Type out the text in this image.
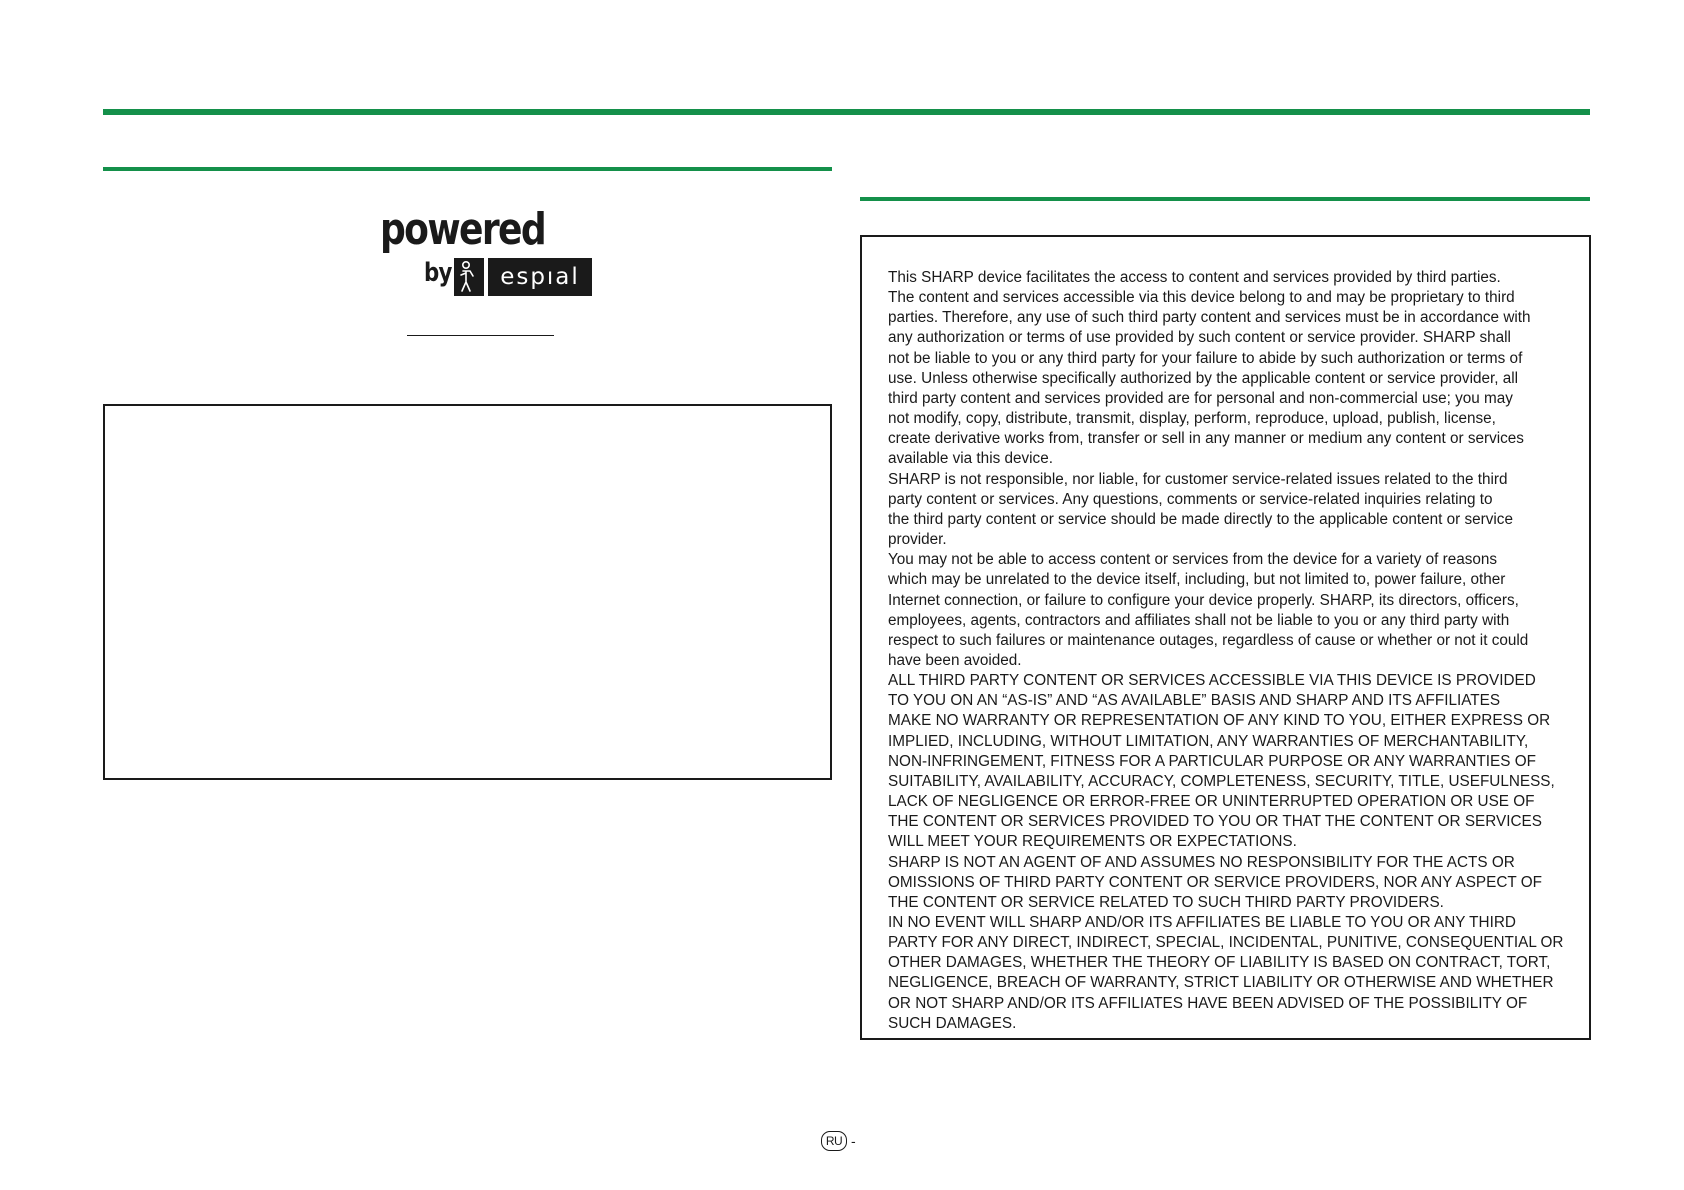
powered
by	espıal	This SHARP device facilitates the access to content and services provided by third parties.

The content and services accessible via this device belong to and may be proprietary to third

parties. Therefore, any use of such third party content and services must be in accordance with

any authorization or terms of use provided by such content or service provider. SHARP shall

not be liable to you or any third party for your failure to abide by such authorization or terms of

use. Unless otherwise specifically authorized by the applicable content or service provider, all

third party content and services provided are for personal and non-commercial use; you may

not modify, copy, distribute, transmit, display, perform, reproduce, upload, publish, license,

create derivative works from, transfer or sell in any manner or medium any content or services

available via this device.

SHARP is not responsible, nor liable, for customer service-related issues related to the third

party content or services. Any questions, comments or service-related inquiries relating to

the third party content or service should be made directly to the applicable content or service

provider.

You may not be able to access content or services from the device for a variety of reasons

which may be unrelated to the device itself, including, but not limited to, power failure, other

Internet connection, or failure to configure your device properly. SHARP, its directors, officers,

employees, agents, contractors and affiliates shall not be liable to you or any third party with

respect to such failures or maintenance outages, regardless of cause or whether or not it could

have been avoided.

ALL THIRD PARTY CONTENT OR SERVICES ACCESSIBLE VIA THIS DEVICE IS PROVIDED

TO YOU ON AN “AS-IS” AND “AS AVAILABLE” BASIS AND SHARP AND ITS AFFILIATES

MAKE NO WARRANTY OR REPRESENTATION OF ANY KIND TO YOU, EITHER EXPRESS OR

IMPLIED, INCLUDING, WITHOUT LIMITATION, ANY WARRANTIES OF MERCHANTABILITY,

NON-INFRINGEMENT, FITNESS FOR A PARTICULAR PURPOSE OR ANY WARRANTIES OF

SUITABILITY, AVAILABILITY, ACCURACY, COMPLETENESS, SECURITY, TITLE, USEFULNESS,

LACK OF NEGLIGENCE OR ERROR-FREE OR UNINTERRUPTED OPERATION OR USE OF

THE CONTENT OR SERVICES PROVIDED TO YOU OR THAT THE CONTENT OR SERVICES

WILL MEET YOUR REQUIREMENTS OR EXPECTATIONS.

SHARP IS NOT AN AGENT OF AND ASSUMES NO RESPONSIBILITY FOR THE ACTS OR

OMISSIONS OF THIRD PARTY CONTENT OR SERVICE PROVIDERS, NOR ANY ASPECT OF

THE CONTENT OR SERVICE RELATED TO SUCH THIRD PARTY PROVIDERS.

IN NO EVENT WILL SHARP AND/OR ITS AFFILIATES BE LIABLE TO YOU OR ANY THIRD

PARTY FOR ANY DIRECT, INDIRECT, SPECIAL, INCIDENTAL, PUNITIVE, CONSEQUENTIAL OR

OTHER DAMAGES, WHETHER THE THEORY OF LIABILITY IS BASED ON CONTRACT, TORT,

NEGLIGENCE, BREACH OF WARRANTY, STRICT LIABILITY OR OTHERWISE AND WHETHER

OR NOT SHARP AND/OR ITS AFFILIATES HAVE BEEN ADVISED OF THE POSSIBILITY OF

SUCH DAMAGES.

RU -
